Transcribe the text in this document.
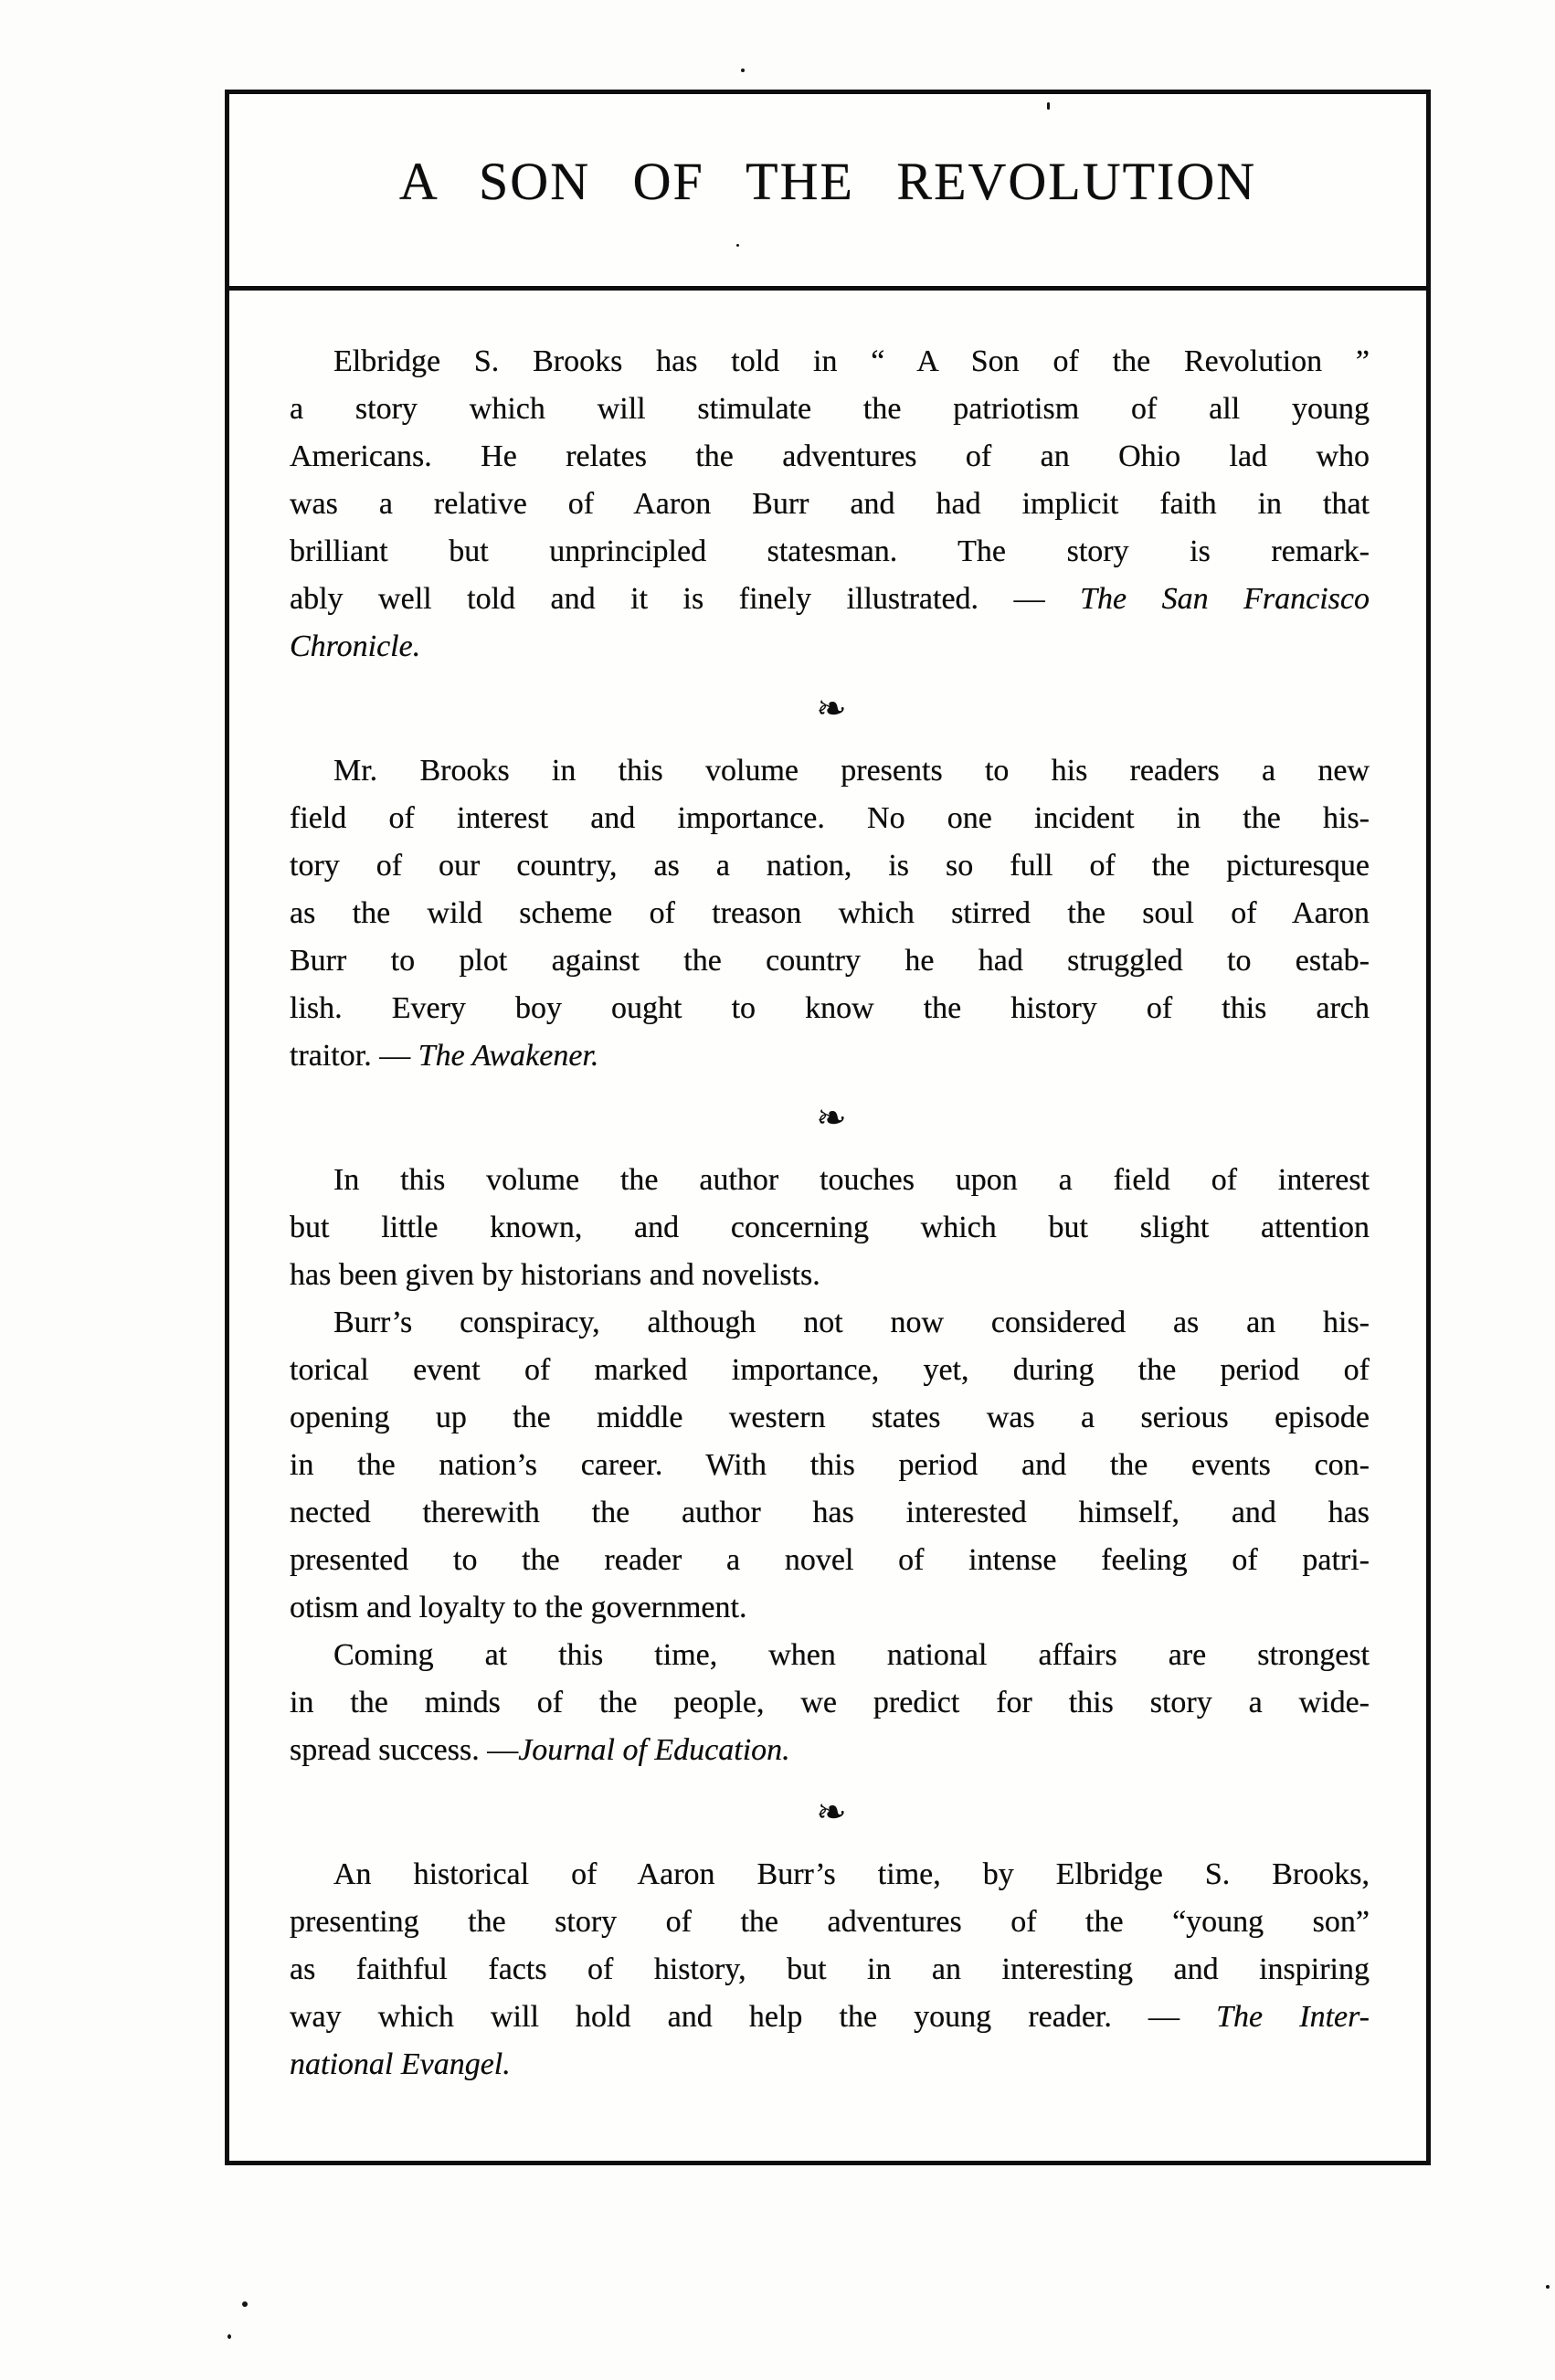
A SON OF THE REVOLUTION
Elbridge S. Brooks has told in “ A Son of the Revolution ”
a story which will stimulate the patriotism of all young
Americans. He relates the adventures of an Ohio lad who
was a relative of Aaron Burr and had implicit faith in that
brilliant but unprincipled statesman. The story is remark-
ably well told and it is finely illustrated. — The San Francisco
Chronicle.
❧
Mr. Brooks in this volume presents to his readers a new
field of interest and importance. No one incident in the his-
tory of our country, as a nation, is so full of the picturesque
as the wild scheme of treason which stirred the soul of Aaron
Burr to plot against the country he had struggled to estab-
lish. Every boy ought to know the history of this arch
traitor. — The Awakener.
❧
In this volume the author touches upon a field of interest
but little known, and concerning which but slight attention
has been given by historians and novelists.
Burr’s conspiracy, although not now considered as an his-
torical event of marked importance, yet, during the period of
opening up the middle western states was a serious episode
in the nation’s career. With this period and the events con-
nected therewith the author has interested himself, and has
presented to the reader a novel of intense feeling of patri-
otism and loyalty to the government.
Coming at this time, when national affairs are strongest
in the minds of the people, we predict for this story a wide-
spread success. —Journal of Education.
❧
An historical of Aaron Burr’s time, by Elbridge S. Brooks,
presenting the story of the adventures of the “young son”
as faithful facts of history, but in an interesting and inspiring
way which will hold and help the young reader. — The Inter-
national Evangel.
